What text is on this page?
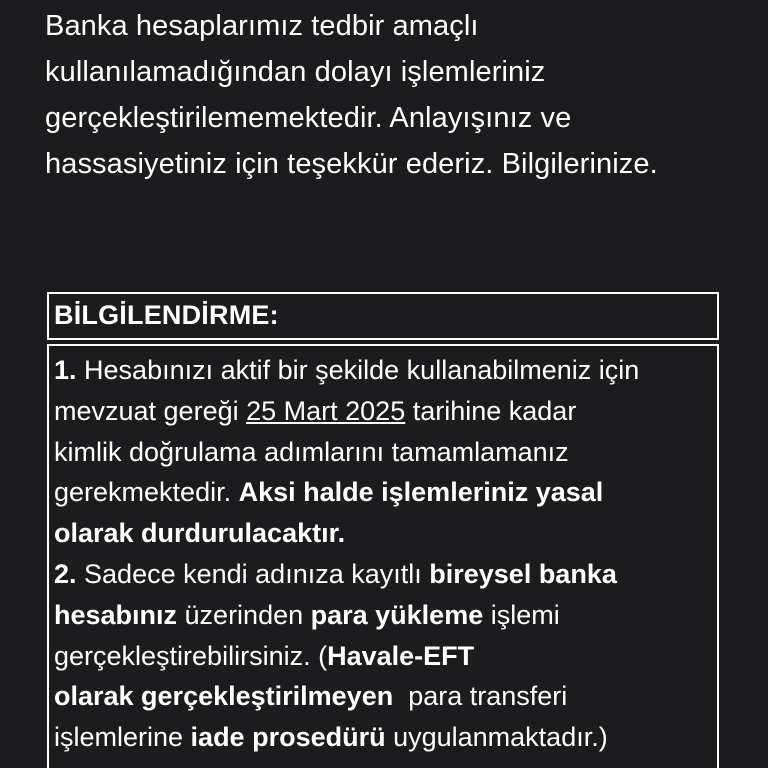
Banka hesaplarımız tedbir amaçlı
kullanılamadığından dolayı işlemleriniz
gerçekleştirilememektedir. Anlayışınız ve
hassasiyetiniz için teşekkür ederiz. Bilgilerinize.

BİLGİLENDİRME:
1. Hesabınızı aktif bir şekilde kullanabilmeniz için
mevzuat gereği 25 Mart 2025 tarihine kadar
kimlik doğrulama adımlarını tamamlamanız
gerekmektedir. Aksi halde işlemleriniz yasal
olarak durdurulacaktır.
2. Sadece kendi adınıza kayıtlı bireysel banka
hesabınız üzerinden para yükleme işlemi
gerçekleştirebilirsiniz. (Havale-EFT
olarak gerçekleştirilmeyen  para transferi
işlemlerine iade prosedürü uygulanmaktadır.)
